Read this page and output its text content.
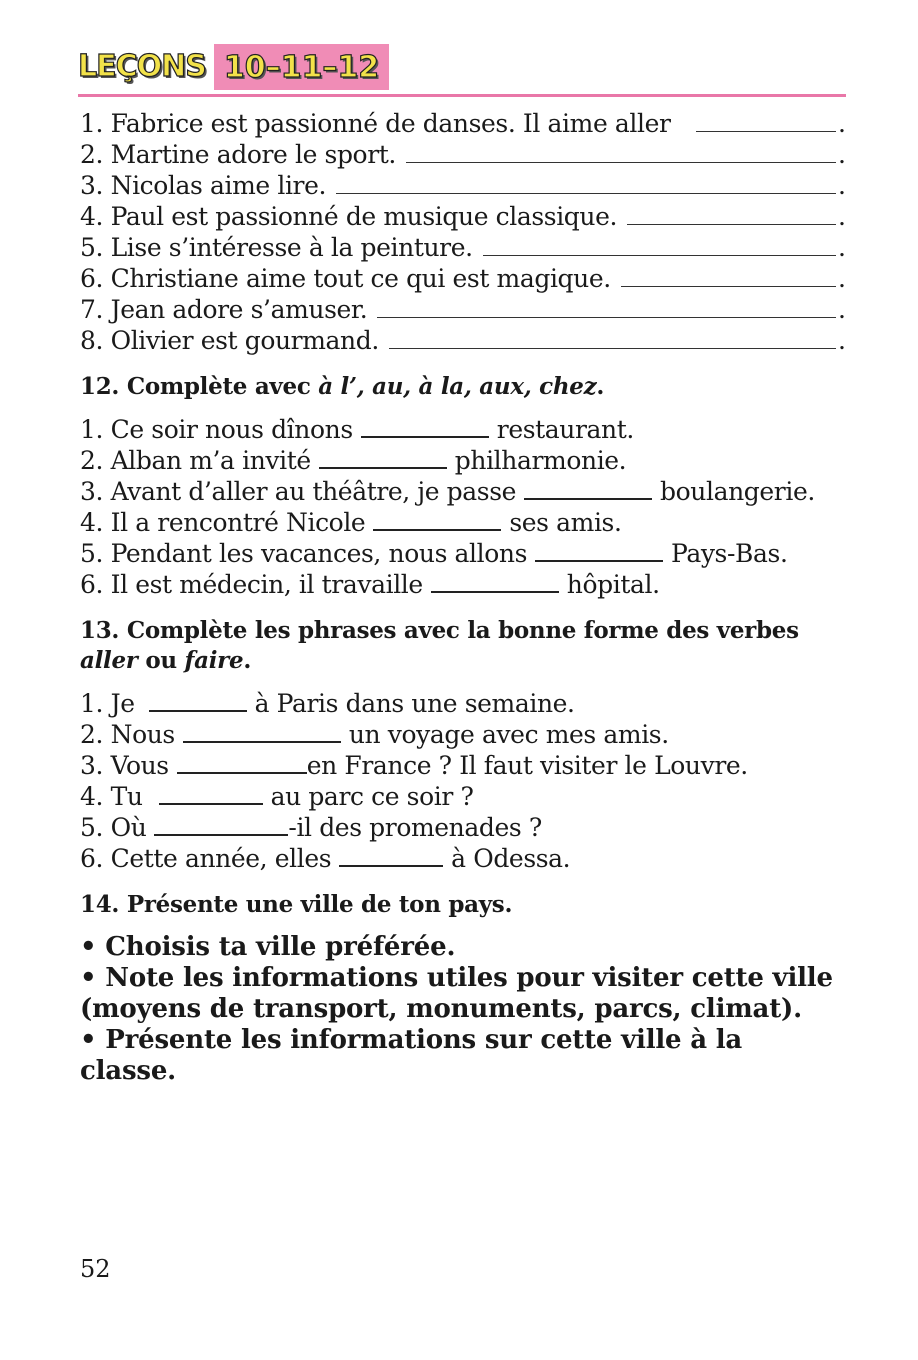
LEÇONS 10–11–12
1. Fabrice est passionné de danses. Il aime aller	.
2. Martine adore le sport.	.
3. Nicolas aime lire.	.
4. Paul est passionné de musique classique.	.
5. Lise s’intéresse à la peinture.	.
6. Christiane aime tout ce qui est magique.	.
7. Jean adore s’amuser.	.
8. Olivier est gourmand.	.
12. Complète avec à l’, au, à la, aux, chez.
1. Ce soir nous dînons	restaurant.
2. Alban m’a invité	philharmonie.
3. Avant d’aller au théâtre, je passe	boulangerie.
4. Il a rencontré Nicole	ses amis.
5. Pendant les vacances, nous allons	Pays-Bas.
6. Il est médecin, il travaille	hôpital.
13. Complète les phrases avec la bonne forme des verbes
aller ou faire.
1. Je	à Paris dans une semaine.
2. Nous	un voyage avec mes amis.
3. Vous	en France ? Il faut visiter le Louvre.
4. Tu	au parc ce soir ?
5. Où	-il des promenades ?
6. Cette année, elles	à Odessa.
14. Présente une ville de ton pays.
• Choisis ta ville préférée.
• Note les informations utiles pour visiter cette ville
(moyens de transport, monuments, parcs, climat).
• Présente les informations sur cette ville à la classe.
52
